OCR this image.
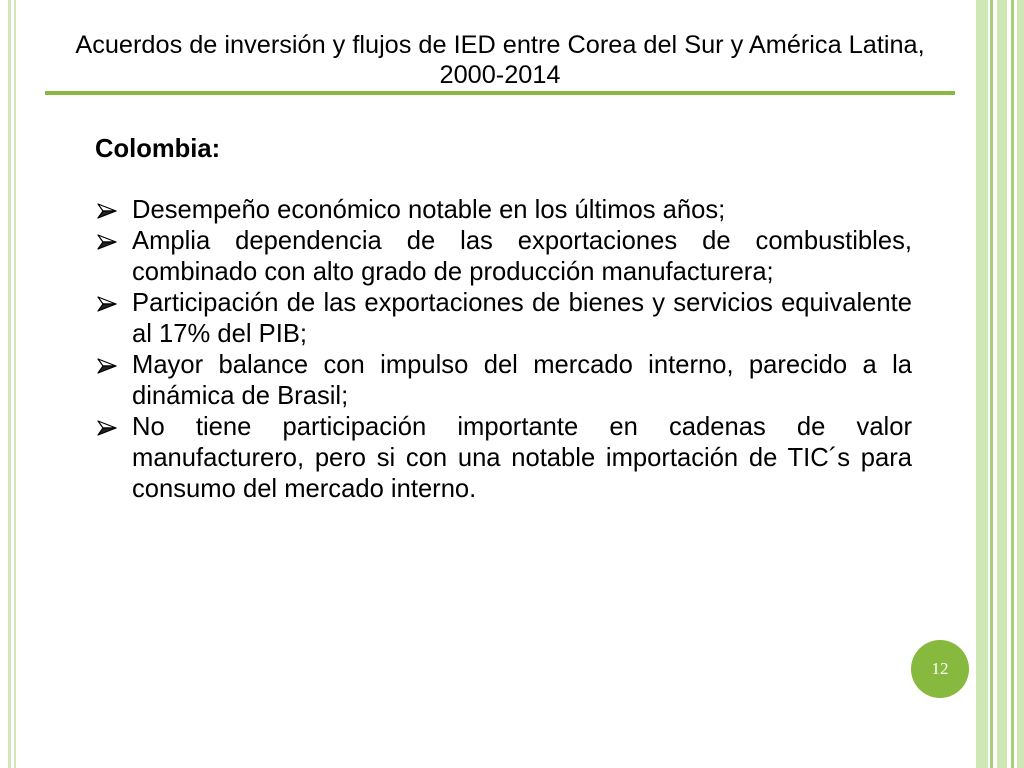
Acuerdos de inversión y flujos de IED entre Corea del Sur y América Latina, 2000-2014
Colombia:
Desempeño económico notable en los últimos años;
Amplia dependencia de las exportaciones de combustibles, combinado con alto grado de producción manufacturera;
Participación de las exportaciones de bienes y servicios equivalente al 17% del PIB;
Mayor balance con impulso del mercado interno, parecido a la dinámica de Brasil;
No tiene participación importante en cadenas de valor manufacturero, pero si con una notable importación de TIC´s para consumo del mercado interno.
12
